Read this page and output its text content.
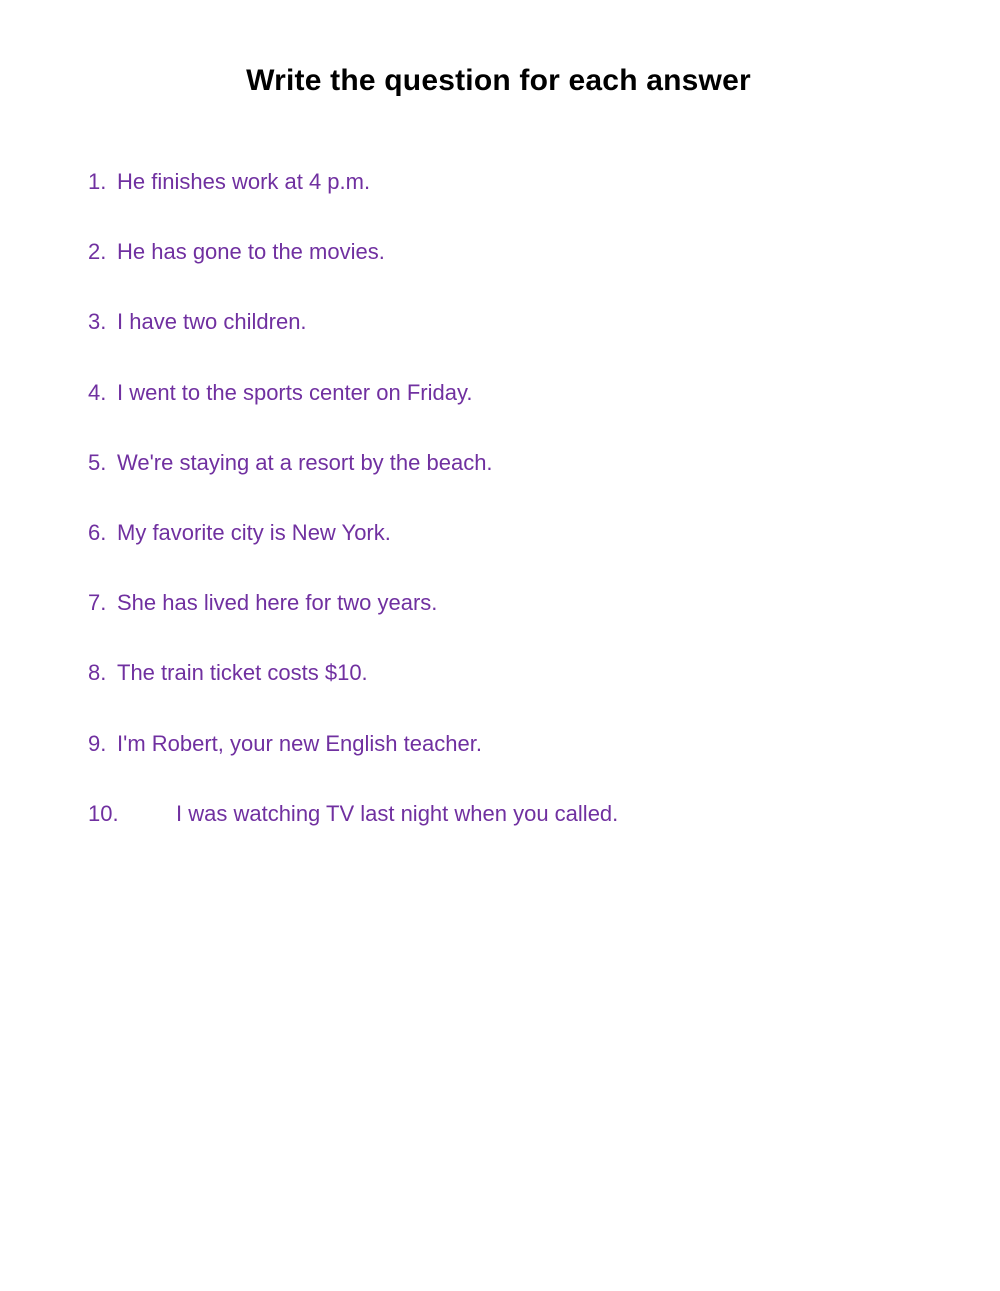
Write the question for each answer
1. He finishes work at 4 p.m.
2. He has gone to the movies.
3. I have two children.
4. I went to the sports center on Friday.
5. We're staying at a resort by the beach.
6. My favorite city is New York.
7. She has lived here for two years.
8. The train ticket costs $10.
9. I'm Robert, your new English teacher.
10.	I was watching TV last night when you called.
